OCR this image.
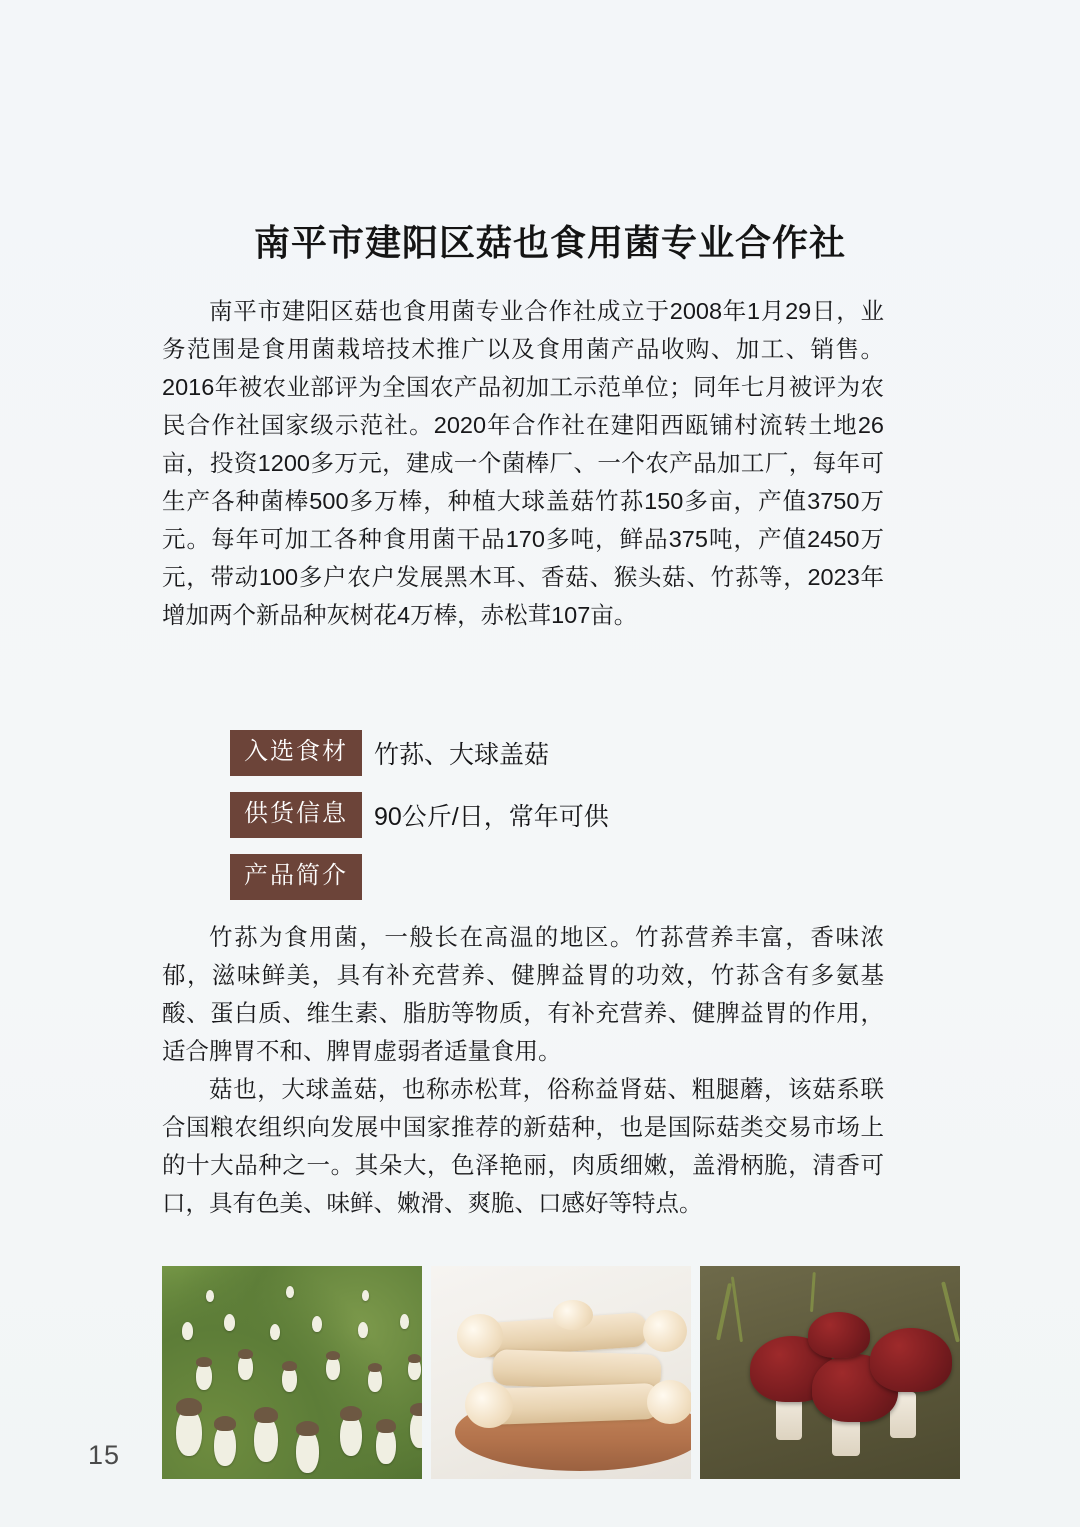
南平市建阳区菇也食用菌专业合作社

南平市建阳区菇也食用菌专业合作社成立于2008年1月29日，业务范围是食用菌栽培技术推广以及食用菌产品收购、加工、销售。2016年被农业部评为全国农产品初加工示范单位；同年七月被评为农民合作社国家级示范社。2020年合作社在建阳西瓯铺村流转土地26亩，投资1200多万元，建成一个菌棒厂、一个农产品加工厂，每年可生产各种菌棒500多万棒，种植大球盖菇竹荪150多亩，产值3750万元。每年可加工各种食用菌干品170多吨，鲜品375吨，产值2450万元，带动100多户农户发展黑木耳、香菇、猴头菇、竹荪等，2023年增加两个新品种灰树花4万棒，赤松茸107亩。

入选食材	竹荪、大球盖菇
供货信息	90公斤/日，常年可供
产品简介

竹荪为食用菌，一般长在高温的地区。竹荪营养丰富，香味浓郁，滋味鲜美，具有补充营养、健脾益胃的功效，竹荪含有多氨基酸、蛋白质、维生素、脂肪等物质，有补充营养、健脾益胃的作用，适合脾胃不和、脾胃虚弱者适量食用。

菇也，大球盖菇，也称赤松茸，俗称益肾菇、粗腿蘑，该菇系联合国粮农组织向发展中国家推荐的新菇种，也是国际菇类交易市场上的十大品种之一。其朵大，色泽艳丽，肉质细嫩，盖滑柄脆，清香可口，具有色美、味鲜、嫩滑、爽脆、口感好等特点。

15
